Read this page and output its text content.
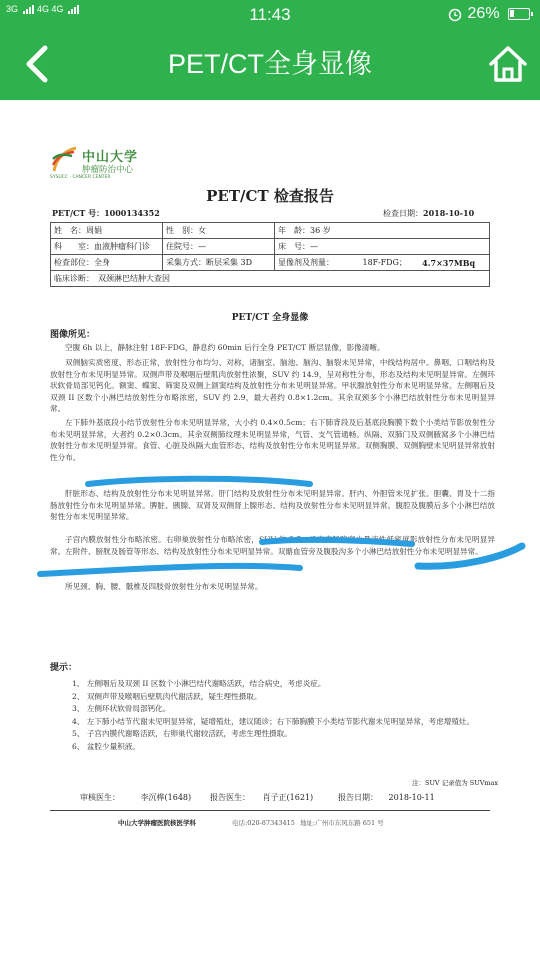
3G 4G 4G	11:43	26%
PET/CT全身显像
中山大学
肿瘤防治中心
SYSUCC · CANCER CENTER
PET/CT 检查报告
PET/CT 号：1000134352	检查日期：2018-10-10
姓　名：周娟	性　别：女	年　龄：36 岁		
科　　室：血液肿瘤科门诊	住院号：—	床　号：—		
检查部位：全身	采集方式：断层采集 3D	显像剂及剂量：	18F-FDG；	4.7×37MBq
临床诊断：　双颈淋巴结肿大查因				
PET/CT 全身显像
图像所见：
空腹 6h 以上，静脉注射 18F-FDG，静息约 60min 后行全身 PET/CT 断层显像，影像清晰。
双侧脑实质密度、形态正常，放射性分布均匀、对称，诸脑室、脑池、脑沟、脑裂未见异常，中线结构居中。鼻咽、口咽结构及放射性分布未见明显异常。双侧声带及喉咽后壁肌肉放射性浓聚，SUV 约 14.9，呈对称性分布，形态及结构未见明显异常。左侧环状软骨局部见钙化。额窦、蝶窦、筛窦及双侧上颌窦结构及放射性分布未见明显异常。甲状腺放射性分布未见明显异常。左侧咽后及双颈 II 区数个小淋巴结放射性分布略浓密，SUV 约 2.9，最大者约 0.8×1.2cm。其余双颈多个小淋巴结放射性分布未见明显异常。
左下肺外基底段小结节放射性分布未见明显异常，大小约 0.4×0.5cm；右下肺背段及后基底段胸膜下数个小类结节影放射性分布未见明显异常，大者约 0.2×0.3cm。其余双侧肺纹理未见明显异常，气管、支气管通畅。纵隔、双肺门及双侧腋窝多个小淋巴结放射性分布未见明显异常。食管、心脏及纵隔大血管形态、结构及放射性分布未见明显异常。双侧胸膜、双侧胸壁未见明显异常放射性分布。
肝脏形态、结构及放射性分布未见明显异常。肝门结构及放射性分布未见明显异常。肝内、外胆管未见扩张。胆囊、胃及十二指肠放射性分布未见明显异常。脾脏、胰腺、双肾及双侧肾上腺形态、结构及放射性分布未见明显异常。腹腔及腹膜后多个小淋巴结放射性分布未见明显异常。
子宫内膜放射性分布略浓密。右卵巢放射性分布略浓密，SUV 约 5.7。子宫直肠陷窝少量液性低密度影放射性分布未见明显异常。左附件、膀胱及肠管等形态、结构及放射性分布未见明显异常。双髂血管旁及腹股沟多个小淋巴结放射性分布未见明显异常。
所见颈、胸、腰、骶椎及四肢骨放射性分布未见明显异常。
提示：
1、 左侧咽后及双颈 II 区数个小淋巴结代谢略活跃，结合病史，考虑炎症。
2、 双侧声带及喉咽后壁肌肉代谢活跃，疑生理性摄取。
3、 左侧环状软骨局部钙化。
4、 左下肺小结节代谢未见明显异常，疑增殖灶，建议随诊；右下肺胸膜下小类结节影代谢未见明显异常，考虑增殖灶。
5、 子宫内膜代谢略活跃，右卵巢代谢较活跃，考虑生理性摄取。
6、 盆腔少量积液。
注：SUV 记录值为 SUVmax
审核医生：	李沉桦(1648) 报告医生： 肖子正(1621)	报告日期： 2018-10-11
中山大学肿瘤医院核医学科	电话:020-87343415 地址:广州市东风东路 651 号
